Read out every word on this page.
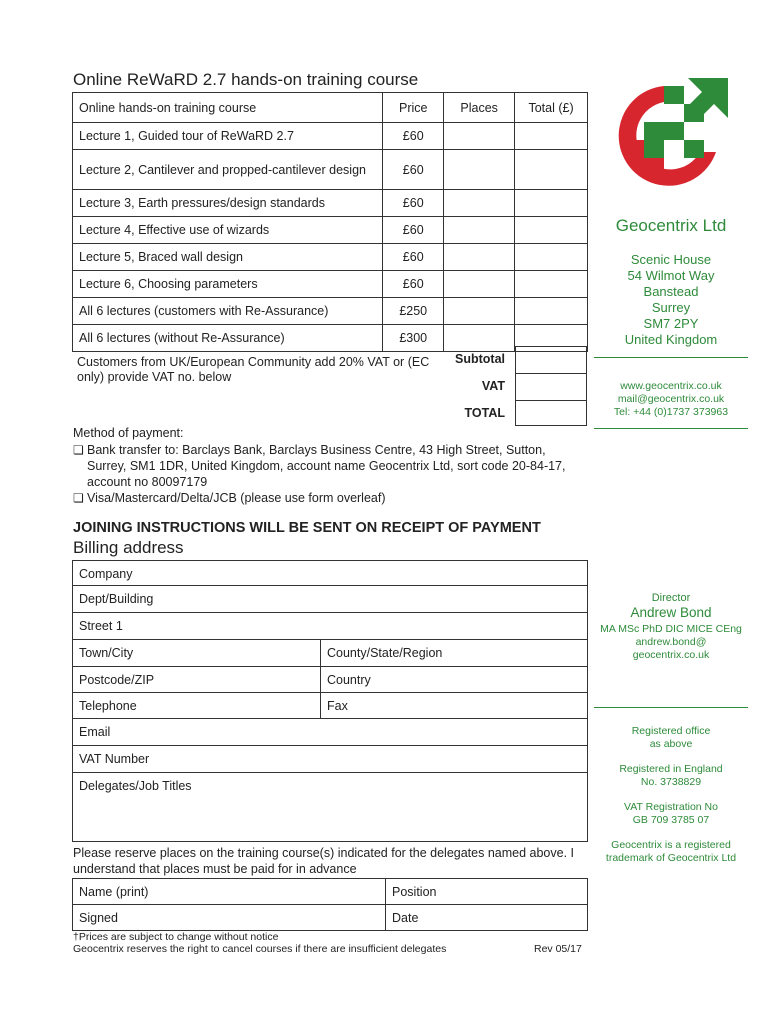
Online ReWaRD 2.7 hands-on training course
Online hands-on training course	Price	Places	Total (£)
Lecture 1, Guided tour of ReWaRD 2.7	£60		
Lecture 2, Cantilever and propped-cantilever design	£60		
Lecture 3, Earth pressures/design standards	£60		
Lecture 4, Effective use of wizards	£60		
Lecture 5, Braced wall design	£60		
Lecture 6, Choosing parameters	£60		
All 6 lectures (customers with Re-Assurance)	£250		
All 6 lectures (without Re-Assurance)	£300		
Customers from UK/European Community add 20% VAT or (EC only) provide VAT no. below
Subtotal
VAT
TOTAL
Method of payment:
❏ Bank transfer to: Barclays Bank, Barclays Business Centre, 43 High Street, Sutton, Surrey, SM1 1DR, United Kingdom, account name Geocentrix Ltd, sort code 20-84-17, account no 80097179
❏ Visa/Mastercard/Delta/JCB (please use form overleaf)
JOINING INSTRUCTIONS WILL BE SENT ON RECEIPT OF PAYMENT
Billing address
Company
Dept/Building
Street 1
Town/City	County/State/Region
Postcode/ZIP	Country
Telephone	Fax
Email
VAT Number
Delegates/Job Titles
Please reserve places on the training course(s) indicated for the delegates named above. I understand that places must be paid for in advance
Name (print)	Position
Signed	Date
†Prices are subject to change without notice
Geocentrix reserves the right to cancel courses if there are insufficient delegates	Rev 05/17
Geocentrix Ltd
Scenic House
54 Wilmot Way
Banstead
Surrey
SM7 2PY
United Kingdom
www.geocentrix.co.uk
mail@geocentrix.co.uk
Tel: +44 (0)1737 373963
Director
Andrew Bond
MA MSc PhD DIC MICE CEng
andrew.bond@
geocentrix.co.uk
Registered office
as above
Registered in England
No. 3738829
VAT Registration No
GB 709 3785 07
Geocentrix is a registered
trademark of Geocentrix Ltd
